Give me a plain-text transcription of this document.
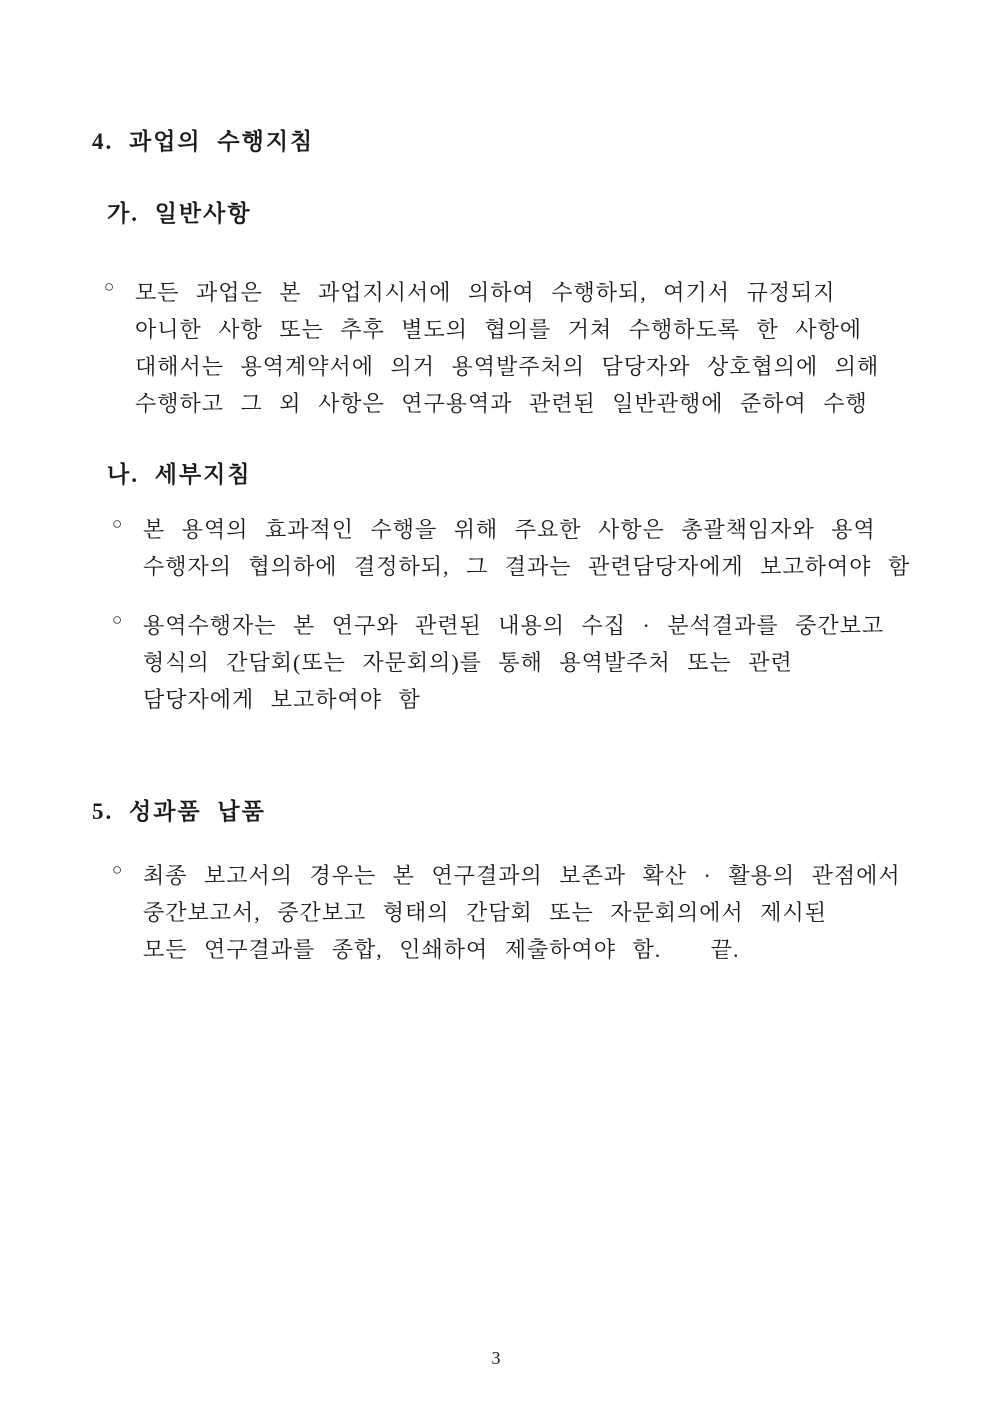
4. 과업의 수행지침
가. 일반사항
○ 모든 과업은 본 과업지시서에 의하여 수행하되, 여기서 규정되지
아니한 사항 또는 추후 별도의 협의를 거쳐 수행하도록 한 사항에
대해서는 용역계약서에 의거 용역발주처의 담당자와 상호협의에 의해
수행하고 그 외 사항은 연구용역과 관련된 일반관행에 준하여 수행
나. 세부지침
○ 본 용역의 효과적인 수행을 위해 주요한 사항은 총괄책임자와 용역
수행자의 협의하에 결정하되, 그 결과는 관련담당자에게 보고하여야 함
○ 용역수행자는 본 연구와 관련된 내용의 수집 · 분석결과를 중간보고
형식의 간담회(또는 자문회의)를 통해 용역발주처 또는 관련
담당자에게 보고하여야 함
5. 성과품 납품
○ 최종 보고서의 경우는 본 연구결과의 보존과 확산 · 활용의 관점에서
중간보고서, 중간보고 형태의 간담회 또는 자문회의에서 제시된
모든 연구결과를 종합, 인쇄하여 제출하여야 함.   끝.
3
